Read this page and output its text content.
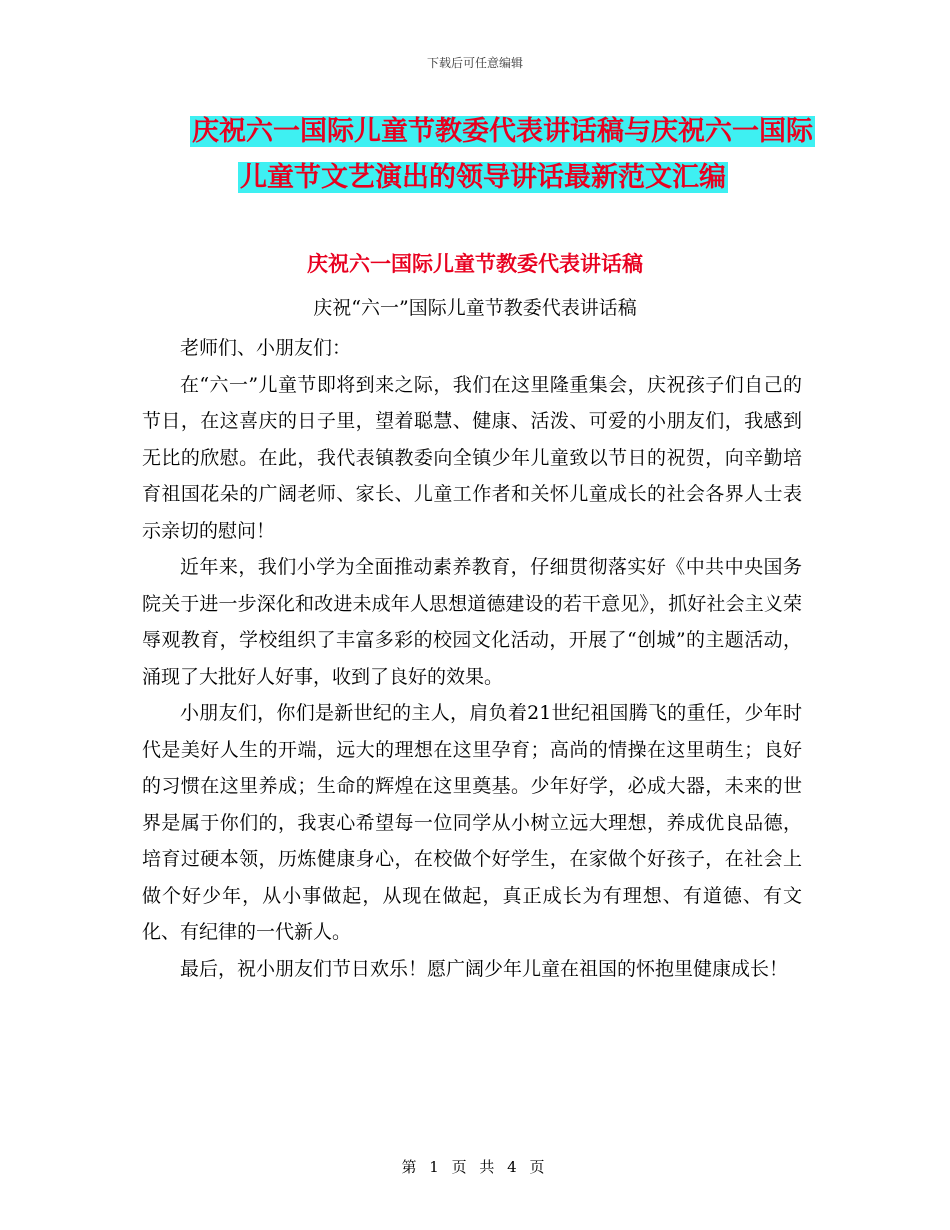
下载后可任意编辑
庆祝六一国际儿童节教委代表讲话稿与庆祝六一国际
儿童节文艺演出的领导讲话最新范文汇编
庆祝六一国际儿童节教委代表讲话稿
庆祝“六一”国际儿童节教委代表讲话稿

老师们、小朋友们：

在“六一”儿童节即将到来之际，我们在这里隆重集会，庆祝孩子们自己的节日，在这喜庆的日子里，望着聪慧、健康、活泼、可爱的小朋友们，我感到无比的欣慰。在此，我代表镇教委向全镇少年儿童致以节日的祝贺，向辛勤培育祖国花朵的广阔老师、家长、儿童工作者和关怀儿童成长的社会各界人士表示亲切的慰问！

近年来，我们小学为全面推动素养教育，仔细贯彻落实好《中共中央国务院关于进一步深化和改进未成年人思想道德建设的若干意见》，抓好社会主义荣辱观教育，学校组织了丰富多彩的校园文化活动，开展了“创城”的主题活动，涌现了大批好人好事，收到了良好的效果。

小朋友们，你们是新世纪的主人，肩负着21世纪祖国腾飞的重任，少年时代是美好人生的开端，远大的理想在这里孕育；高尚的情操在这里萌生；良好的习惯在这里养成；生命的辉煌在这里奠基。少年好学，必成大器，未来的世界是属于你们的，我衷心希望每一位同学从小树立远大理想，养成优良品德，培育过硬本领，历炼健康身心，在校做个好学生，在家做个好孩子，在社会上做个好少年，从小事做起，从现在做起，真正成长为有理想、有道德、有文化、有纪律的一代新人。

最后，祝小朋友们节日欢乐！愿广阔少年儿童在祖国的怀抱里健康成长！

第 1 页 共 4 页
